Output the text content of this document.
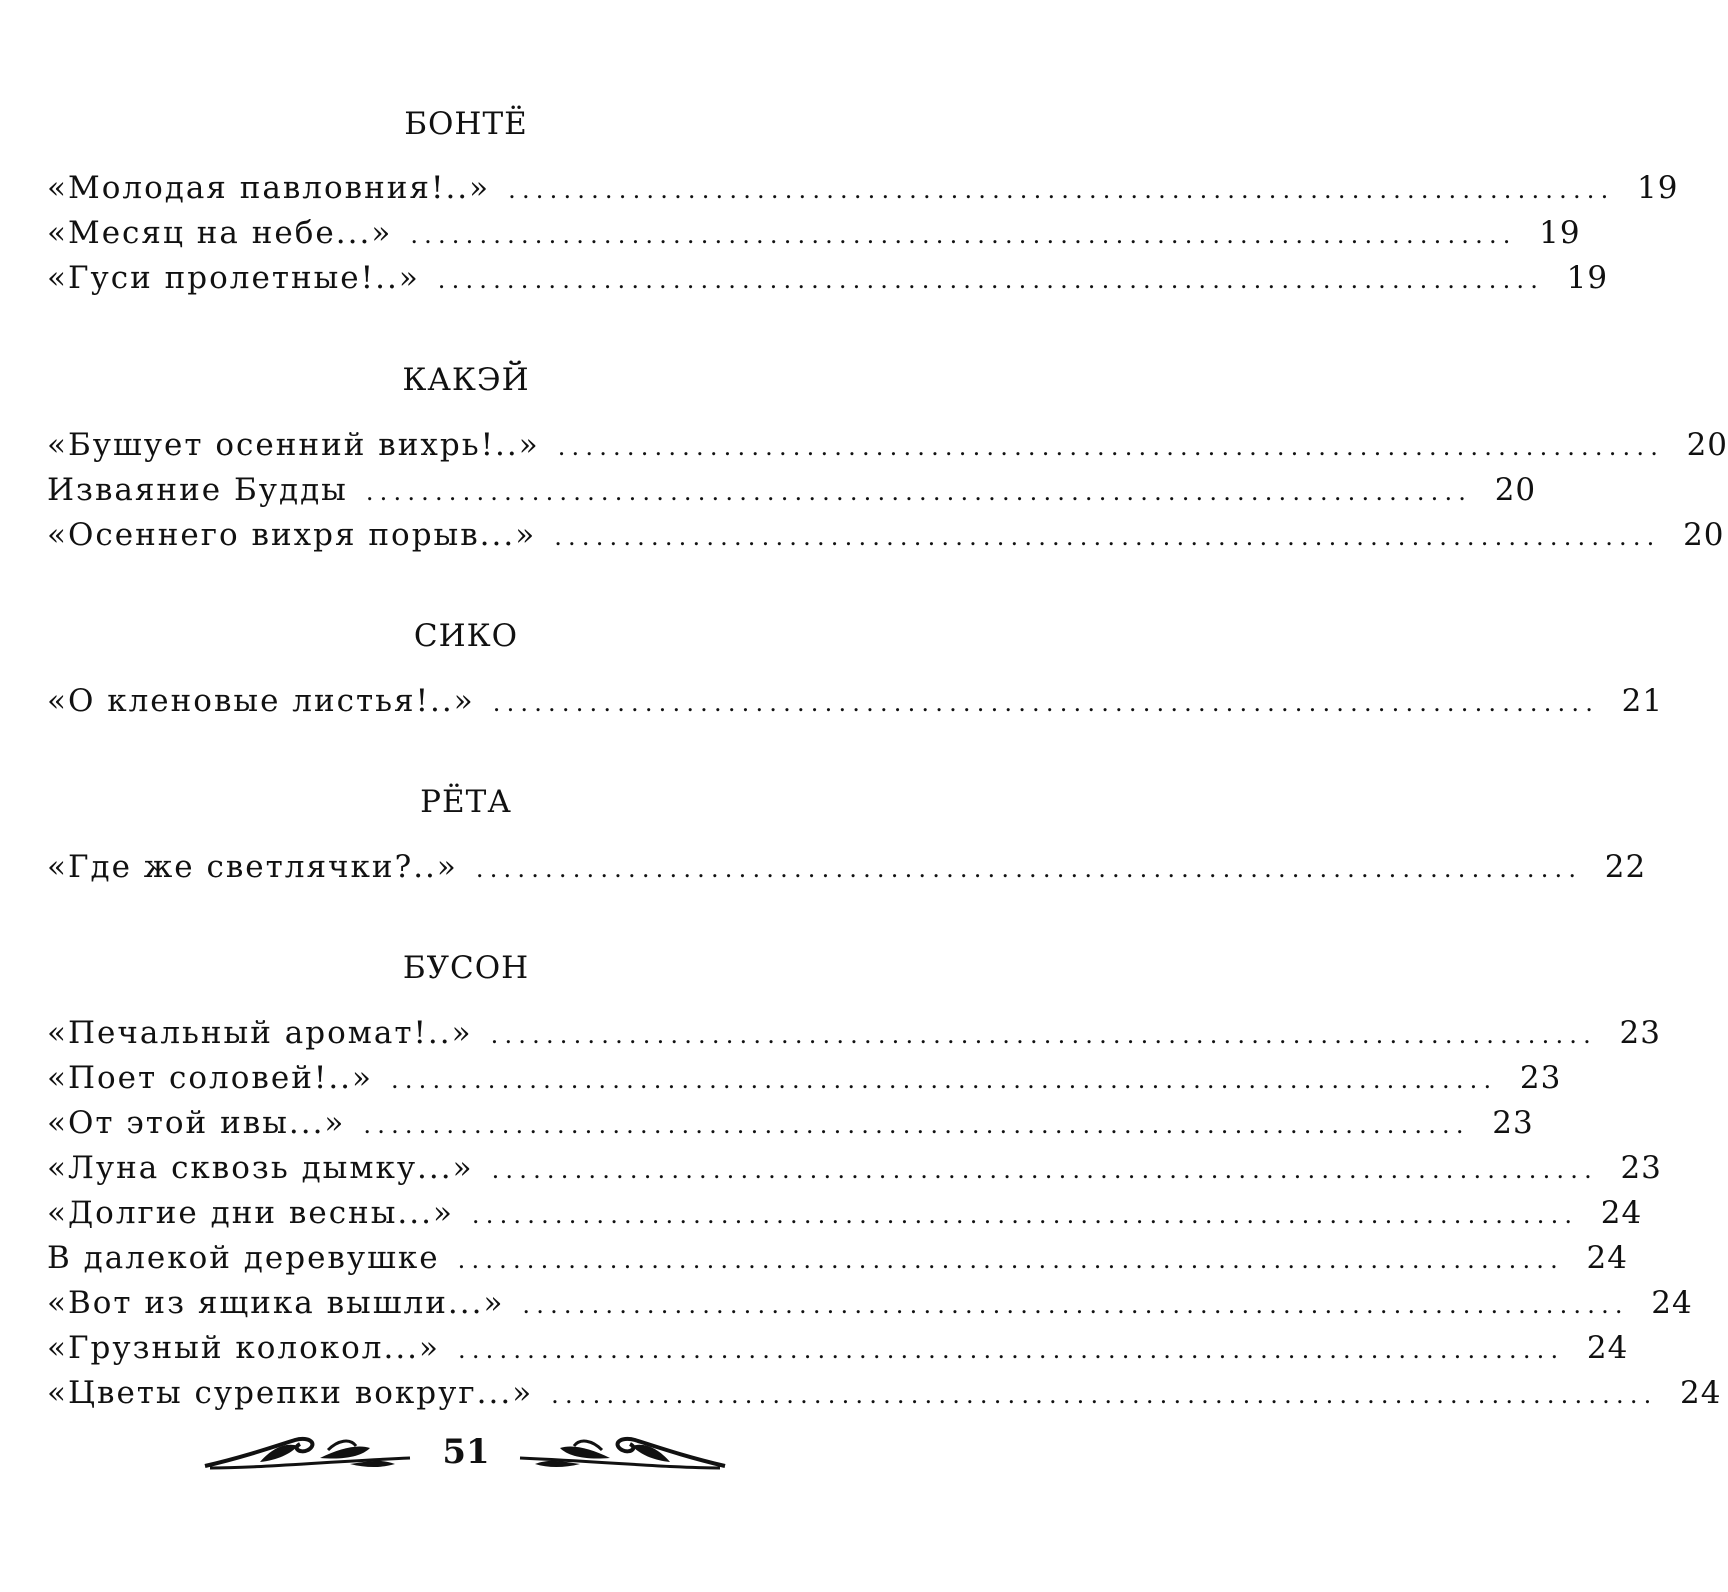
БОНТЁ
«Молодая павловния!..» ................................................................................ 19
«Месяц на небе...» ................................................................................ 19
«Гуси пролетные!..» ................................................................................ 19
КАКЭЙ
«Бушует осенний вихрь!..» ................................................................................ 20
Изваяние Будды ................................................................................ 20
«Осеннего вихря порыв...» ................................................................................ 20
СИКО
«О кленовые листья!..» ................................................................................ 21
РЁТА
«Где же светлячки?..» ................................................................................ 22
БУСОН
«Печальный аромат!..» ................................................................................ 23
«Поет соловей!..» ................................................................................ 23
«От этой ивы...» ................................................................................ 23
«Луна сквозь дымку...» ................................................................................ 23
«Долгие дни весны...» ................................................................................ 24
В далекой деревушке ................................................................................ 24
«Вот из ящика вышли...» ................................................................................ 24
«Грузный колокол...» ................................................................................ 24
«Цветы сурепки вокруг...» ................................................................................ 24
51
